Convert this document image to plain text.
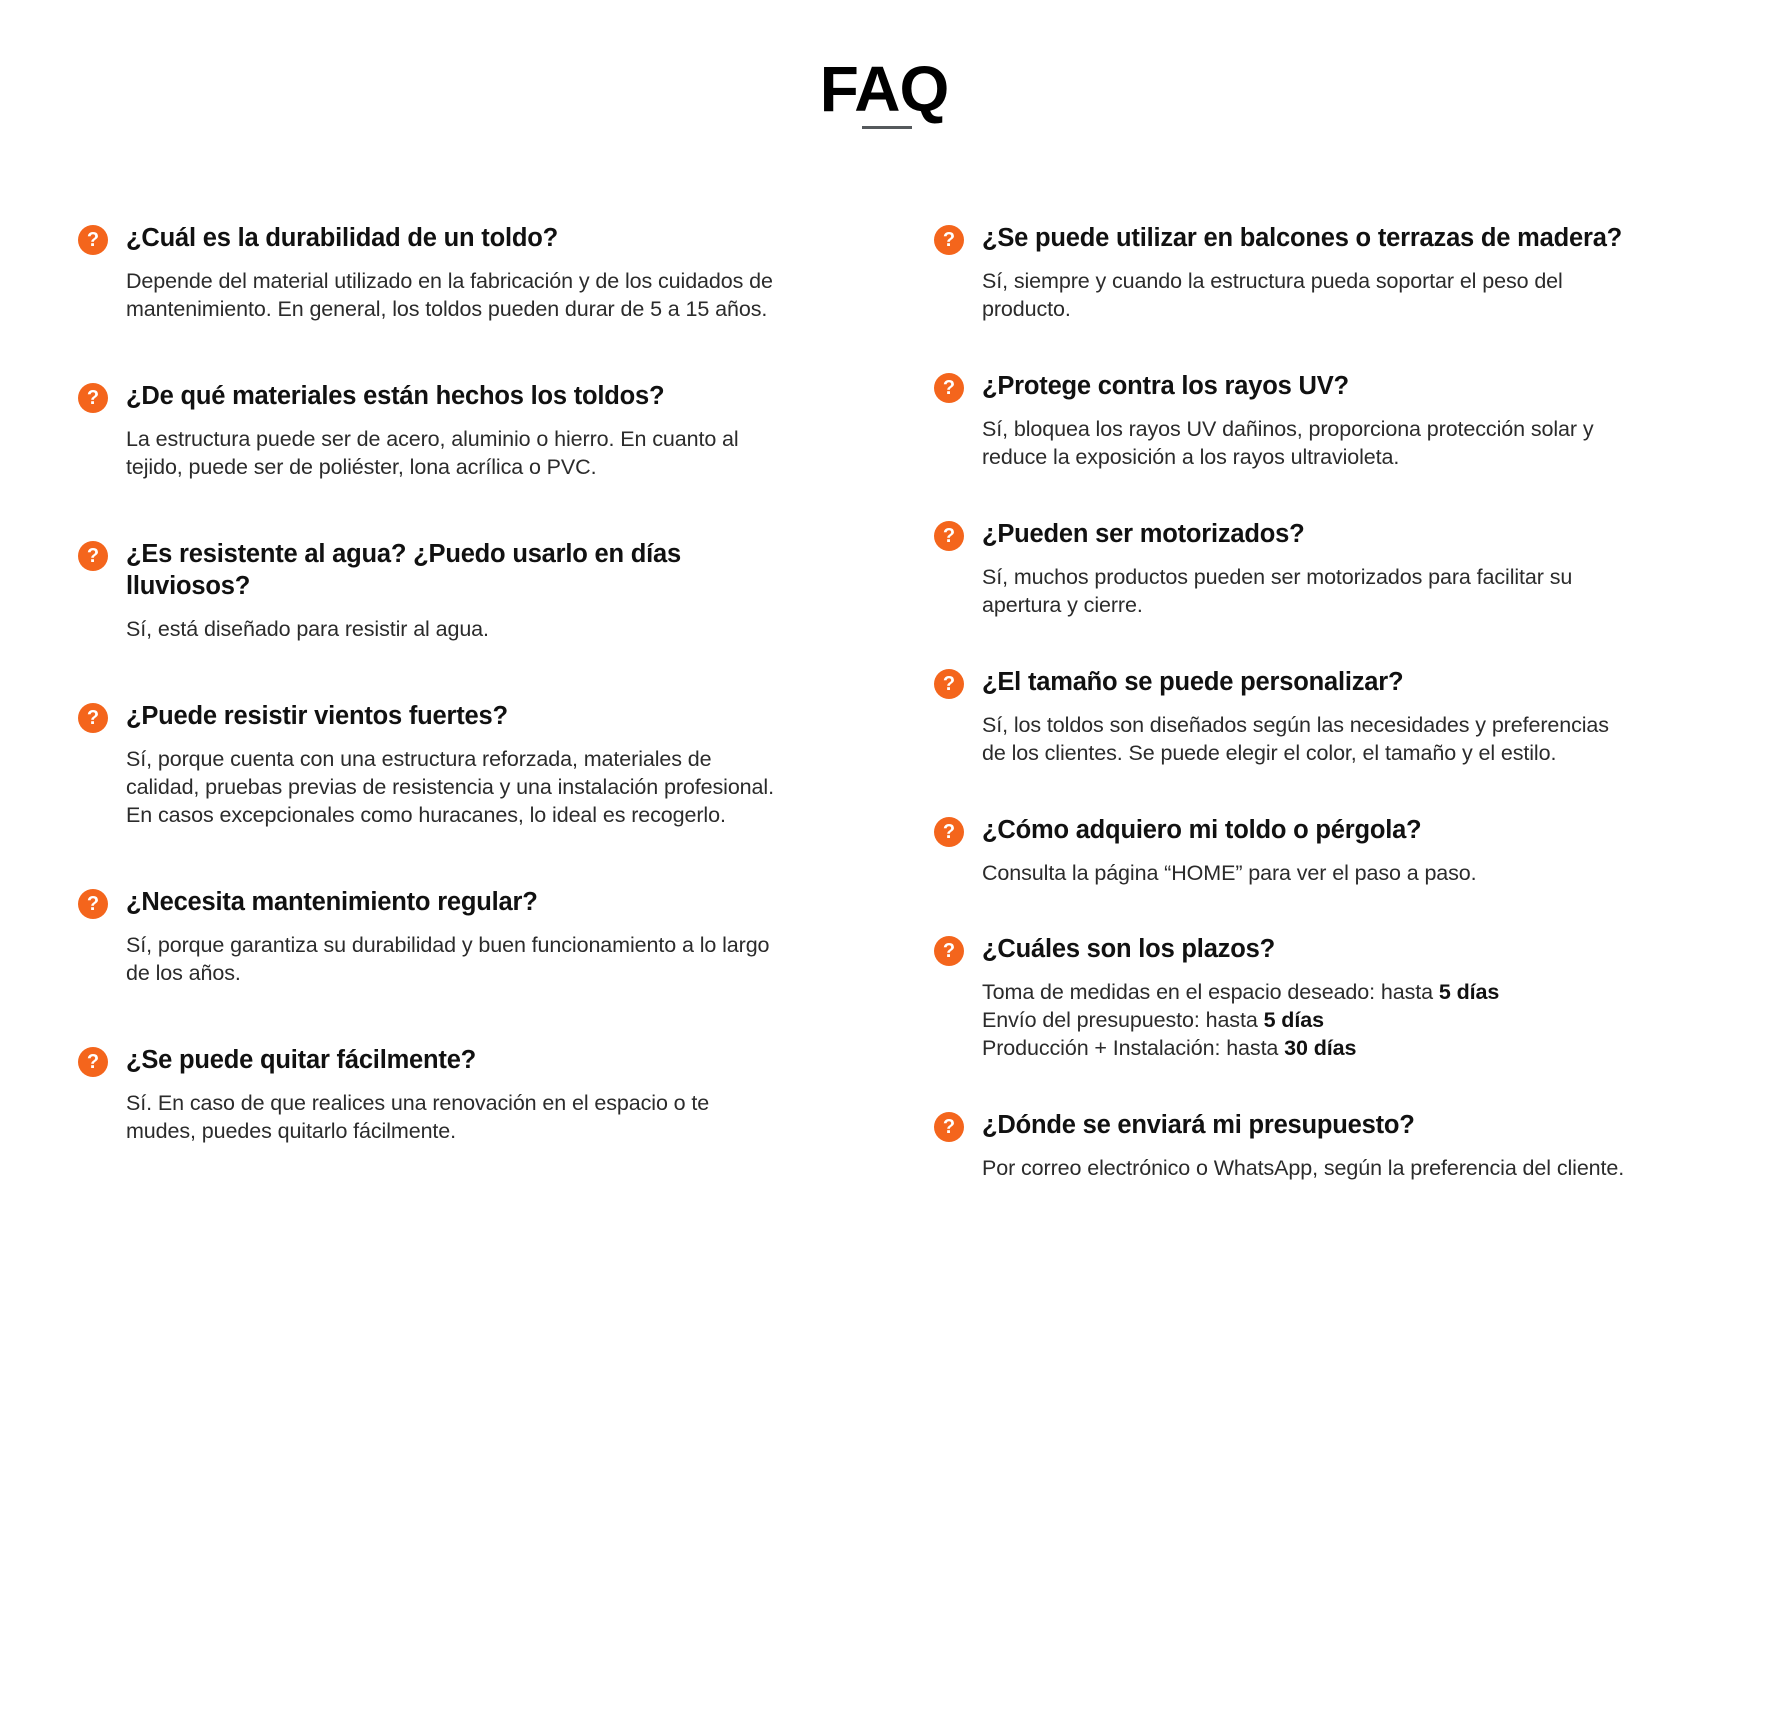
FAQ
?	¿Cuál es la durabilidad de un toldo?
Depende del material utilizado en la fabricación y de los cuidados de mantenimiento. En general, los toldos pueden durar de 5 a 15 años.
?	¿De qué materiales están hechos los toldos?
La estructura puede ser de acero, aluminio o hierro. En cuanto al tejido, puede ser de poliéster, lona acrílica o PVC.
?	¿Es resistente al agua? ¿Puedo usarlo en días lluviosos?
Sí, está diseñado para resistir al agua.
?	¿Puede resistir vientos fuertes?
Sí, porque cuenta con una estructura reforzada, materiales de calidad, pruebas previas de resistencia y una instalación profesional. En casos excepcionales como huracanes, lo ideal es recogerlo.
?	¿Necesita mantenimiento regular?
Sí, porque garantiza su durabilidad y buen funcionamiento a lo largo de los años.
?	¿Se puede quitar fácilmente?
Sí. En caso de que realices una renovación en el espacio o te mudes, puedes quitarlo fácilmente.
?	¿Se puede utilizar en balcones o terrazas de madera?
Sí, siempre y cuando la estructura pueda soportar el peso del producto.
?	¿Protege contra los rayos UV?
Sí, bloquea los rayos UV dañinos, proporciona protección solar y reduce la exposición a los rayos ultravioleta.
?	¿Pueden ser motorizados?
Sí, muchos productos pueden ser motorizados para facilitar su apertura y cierre.
?	¿El tamaño se puede personalizar?
Sí, los toldos son diseñados según las necesidades y preferencias de los clientes. Se puede elegir el color, el tamaño y el estilo.
?	¿Cómo adquiero mi toldo o pérgola?
Consulta la página “HOME” para ver el paso a paso.
?	¿Cuáles son los plazos?
Toma de medidas en el espacio deseado: hasta 5 días
Envío del presupuesto: hasta 5 días
Producción + Instalación: hasta 30 días
?	¿Dónde se enviará mi presupuesto?
Por correo electrónico o WhatsApp, según la preferencia del cliente.
